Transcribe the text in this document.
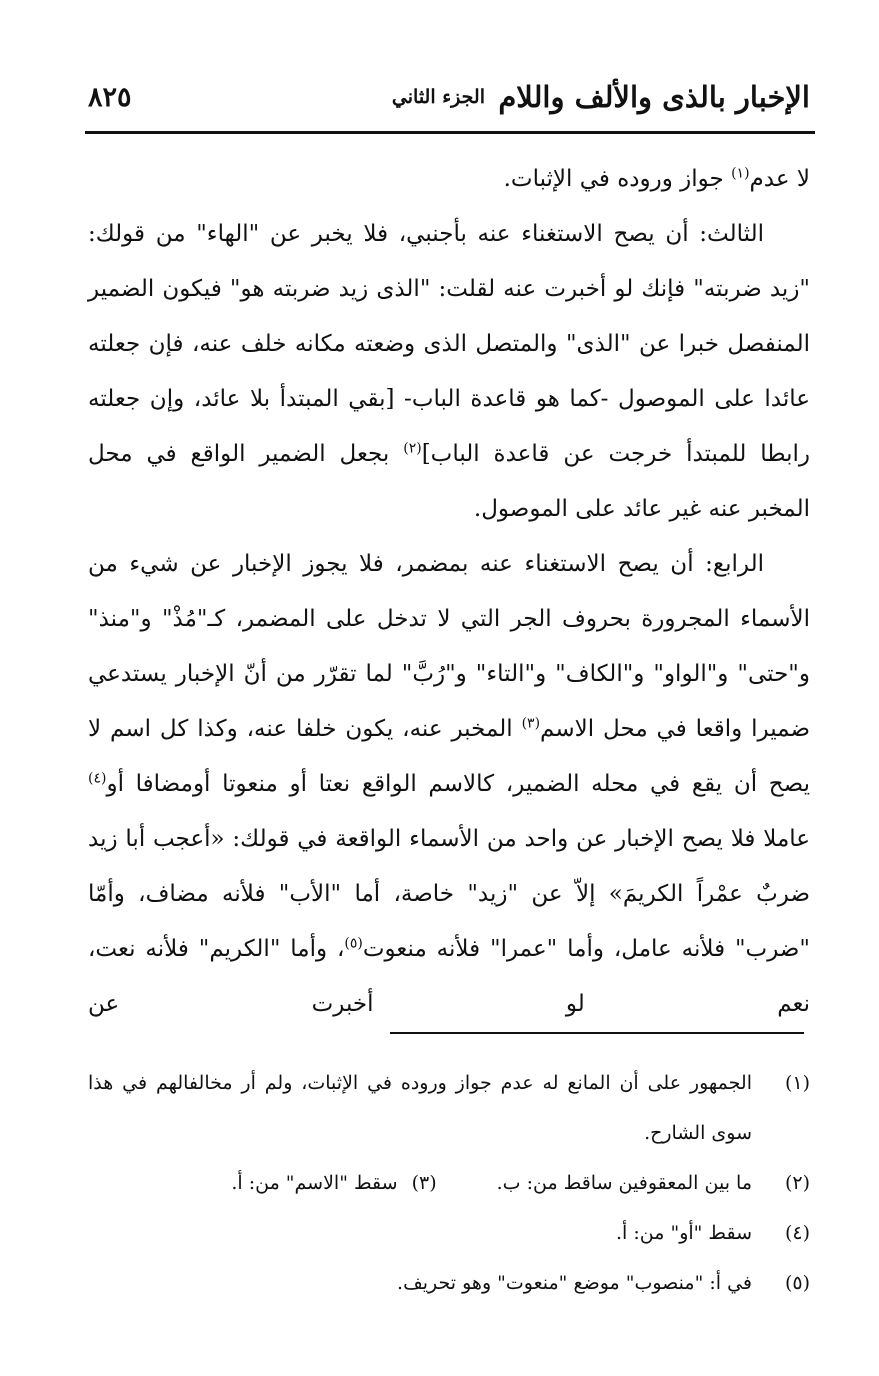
الإخبار بالذى والألف واللام
الجزء الثاني
٨٢٥

لا عدم$^{(١)}$ جواز وروده في الإثبات.

الثالث: أن يصح الاستغناء عنه بأجنبي، فلا يخبر عن "الهاء" من قولك: "زيد ضربته" فإنك لو أخبرت عنه لقلت: "الذى زيد ضربته هو" فيكون الضمير المنفصل خبرا عن "الذى" والمتصل الذى وضعته مكانه خلف عنه، فإن جعلته عائدا على الموصول -كما هو قاعدة الباب- [بقي المبتدأ بلا عائد، وإن جعلته رابطا للمبتدأ خرجت عن قاعدة الباب]$^{(٢)}$ بجعل الضمير الواقع في محل المخبر عنه غير عائد على الموصول.

الرابع: أن يصح الاستغناء عنه بمضمر، فلا يجوز الإخبار عن شيء من الأسماء المجرورة بحروف الجر التي لا تدخل على المضمر، كـ"مُذْ" و"منذ" و"حتى" و"الواو" و"الكاف" و"التاء" و"رُبَّ" لما تقرّر من أنّ الإخبار يستدعي ضميرا واقعا في محل الاسم$^{(٣)}$ المخبر عنه، يكون خلفا عنه، وكذا كل اسم لا يصح أن يقع في محله الضمير، كالاسم الواقع نعتا أو منعوتا أومضافا أو$^{(٤)}$ عاملا فلا يصح الإخبار عن واحد من الأسماء الواقعة في قولك: «أعجب أبا زيد ضربٌ عمْراً الكريمَ» إلاّ عن "زيد" خاصة، أما "الأب" فلأنه مضاف، وأمّا "ضرب" فلأنه عامل، وأما "عمرا" فلأنه منعوت$^{(٥)}$، وأما "الكريم" فلأنه نعت، نعم لو أخبرت عن

(١)
الجمهور على أن المانع له عدم جواز وروده في الإثبات، ولم أر مخالفالهم في هذا سوى الشارح.
(٢)
ما بين المعقوفين ساقط من: ب.(٣)سقط "الاسم" من: أ.
(٤)
سقط "أو" من: أ.
(٥)
في أ: "منصوب" موضع "منعوت" وهو تحريف.
